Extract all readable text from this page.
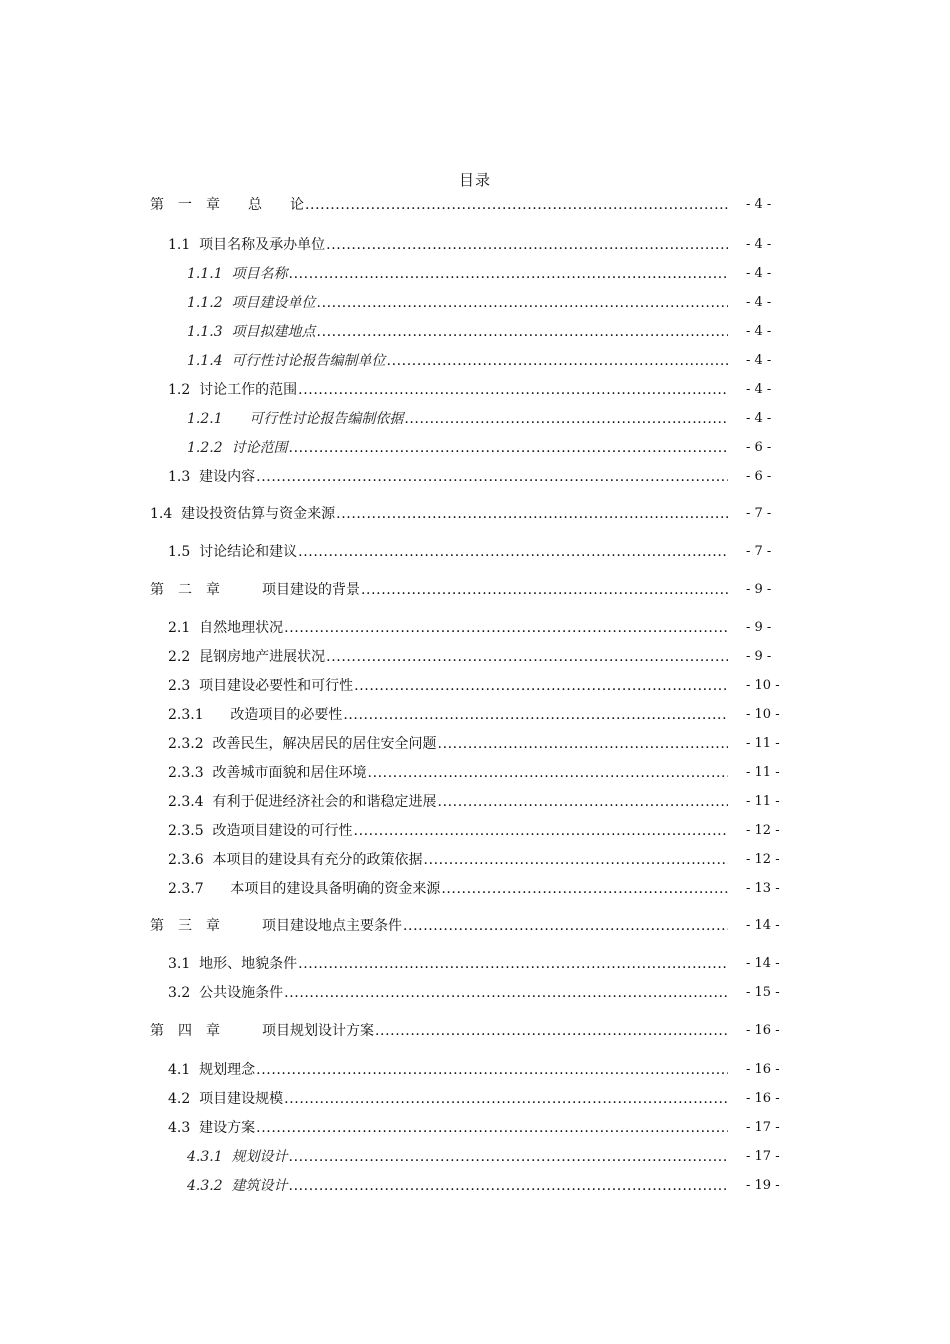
目录
第　一　章　　总　　论 .....	- 4 -
1.1  项目名称及承办单位 .....	- 4 -
1.1.1  项目名称 .....	- 4 -
1.1.2  项目建设单位 .....	- 4 -
1.1.3  项目拟建地点 .....	- 4 -
1.1.4  可行性讨论报告编制单位 .....	- 4 -
1.2  讨论工作的范围 .....	- 4 -
1.2.1      可行性讨论报告编制依据 .....	- 4 -
1.2.2  讨论范围 .....	- 6 -
1.3  建设内容 .....	- 6 -
1.4  建设投资估算与资金来源 .....	- 7 -
1.5  讨论结论和建议 .....	- 7 -
第　二　章　　　项目建设的背景 .....	- 9 -
2.1  自然地理状况 .....	- 9 -
2.2  昆钢房地产进展状况 .....	- 9 -
2.3  项目建设必要性和可行性 .....	- 10 -
2.3.1      改造项目的必要性 .....	- 10 -
2.3.2  改善民生，解决居民的居住安全问题 .....	- 11 -
2.3.3  改善城市面貌和居住环境 .....	- 11 -
2.3.4  有利于促进经济社会的和谐稳定进展 .....	- 11 -
2.3.5  改造项目建设的可行性 .....	- 12 -
2.3.6  本项目的建设具有充分的政策依据 .....	- 12 -
2.3.7      本项目的建设具备明确的资金来源 .....	- 13 -
第　三　章　　　项目建设地点主要条件 .....	- 14 -
3.1  地形、地貌条件 .....	- 14 -
3.2  公共设施条件 .....	- 15 -
第　四　章　　　项目规划设计方案 .....	- 16 -
4.1  规划理念 .....	- 16 -
4.2  项目建设规模 .....	- 16 -
4.3  建设方案 .....	- 17 -
4.3.1  规划设计 .....	- 17 -
4.3.2  建筑设计 .....	- 19 -
